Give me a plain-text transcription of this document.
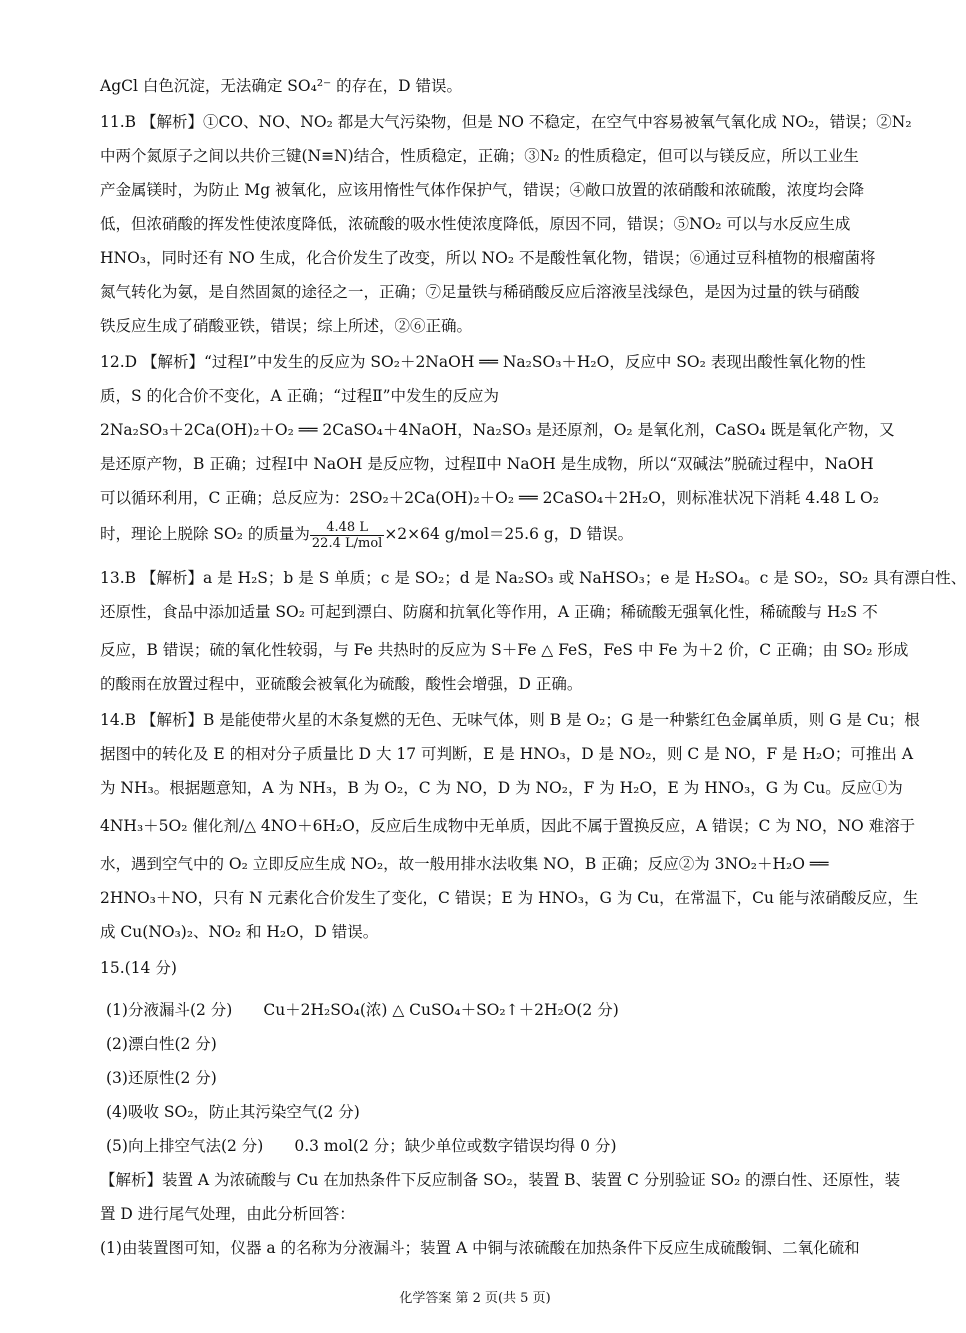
AgCl 白色沉淀，无法确定 SO₄²⁻ 的存在，D 错误。
11.B 【解析】①CO、NO、NO₂ 都是大气污染物，但是 NO 不稳定，在空气中容易被氧气氧化成 NO₂，错误；②N₂
中两个氮原子之间以共价三键(N≡N)结合，性质稳定，正确；③N₂ 的性质稳定，但可以与镁反应，所以工业生
产金属镁时，为防止 Mg 被氧化，应该用惰性气体作保护气，错误；④敞口放置的浓硝酸和浓硫酸，浓度均会降
低，但浓硝酸的挥发性使浓度降低，浓硫酸的吸水性使浓度降低，原因不同，错误；⑤NO₂ 可以与水反应生成
HNO₃，同时还有 NO 生成，化合价发生了改变，所以 NO₂ 不是酸性氧化物，错误；⑥通过豆科植物的根瘤菌将
氮气转化为氨，是自然固氮的途径之一，正确；⑦足量铁与稀硝酸反应后溶液呈浅绿色，是因为过量的铁与硝酸
铁反应生成了硝酸亚铁，错误；综上所述，②⑥正确。
12.D 【解析】“过程Ⅰ”中发生的反应为 SO₂＋2NaOH ══ Na₂SO₃＋H₂O，反应中 SO₂ 表现出酸性氧化物的性
质，S 的化合价不变化，A 正确；“过程Ⅱ”中发生的反应为
2Na₂SO₃＋2Ca(OH)₂＋O₂ ══ 2CaSO₄＋4NaOH，Na₂SO₃ 是还原剂，O₂ 是氧化剂，CaSO₄ 既是氧化产物，又
是还原产物，B 正确；过程Ⅰ中 NaOH 是反应物，过程Ⅱ中 NaOH 是生成物，所以“双碱法”脱硫过程中，NaOH
可以循环利用，C 正确；总反应为：2SO₂＋2Ca(OH)₂＋O₂ ══ 2CaSO₄＋2H₂O，则标准状况下消耗 4.48 L O₂
时，理论上脱除 SO₂ 的质量为 $\frac{4.48 L}{\text{22.4 L/mol}} \times 2\times 64$ g/mol＝25.6 g，D 错误。
13.B 【解析】a 是 H₂S；b 是 S 单质；c 是 SO₂；d 是 Na₂SO₃ 或 NaHSO₃；e 是 H₂SO₄。c 是 SO₂，SO₂ 具有漂白性、
还原性，食品中添加适量 SO₂ 可起到漂白、防腐和抗氧化等作用，A 正确；稀硫酸无强氧化性，稀硫酸与 H₂S 不
反应，B 错误；硫的氧化性较弱，与 Fe 共热时的反应为 S＋Fe △ FeS，FeS 中 Fe 为＋2 价，C 正确；由 SO₂ 形成
的酸雨在放置过程中，亚硫酸会被氧化为硫酸，酸性会增强，D 正确。
14.B 【解析】B 是能使带火星的木条复燃的无色、无味气体，则 B 是 O₂；G 是一种紫红色金属单质，则 G 是 Cu；根
据图中的转化及 E 的相对分子质量比 D 大 17 可判断，E 是 HNO₃，D 是 NO₂，则 C 是 NO，F 是 H₂O；可推出 A
为 NH₃。根据题意知，A 为 NH₃，B 为 O₂，C 为 NO，D 为 NO₂，F 为 H₂O，E 为 HNO₃，G 为 Cu。反应①为
4NH₃＋5O₂ 催化剂/△ 4NO＋6H₂O，反应后生成物中无单质，因此不属于置换反应，A 错误；C 为 NO，NO 难溶于
水，遇到空气中的 O₂ 立即反应生成 NO₂，故一般用排水法收集 NO，B 正确；反应②为 3NO₂＋H₂O ══
2HNO₃＋NO，只有 N 元素化合价发生了变化，C 错误；E 为 HNO₃，G 为 Cu，在常温下，Cu 能与浓硝酸反应，生
成 Cu(NO₃)₂、NO₂ 和 H₂O，D 错误。
15.(14 分)
(1)分液漏斗(2 分)　　Cu＋2H₂SO₄(浓) △ CuSO₄＋SO₂↑＋2H₂O(2 分)
(2)漂白性(2 分)
(3)还原性(2 分)
(4)吸收 SO₂，防止其污染空气(2 分)
(5)向上排空气法(2 分)　　0.3 mol(2 分；缺少单位或数字错误均得 0 分)
【解析】装置 A 为浓硫酸与 Cu 在加热条件下反应制备 SO₂，装置 B、装置 C 分别验证 SO₂ 的漂白性、还原性，装
置 D 进行尾气处理，由此分析回答：
(1)由装置图可知，仪器 a 的名称为分液漏斗；装置 A 中铜与浓硫酸在加热条件下反应生成硫酸铜、二氧化硫和
化学答案 第 2 页(共 5 页)
